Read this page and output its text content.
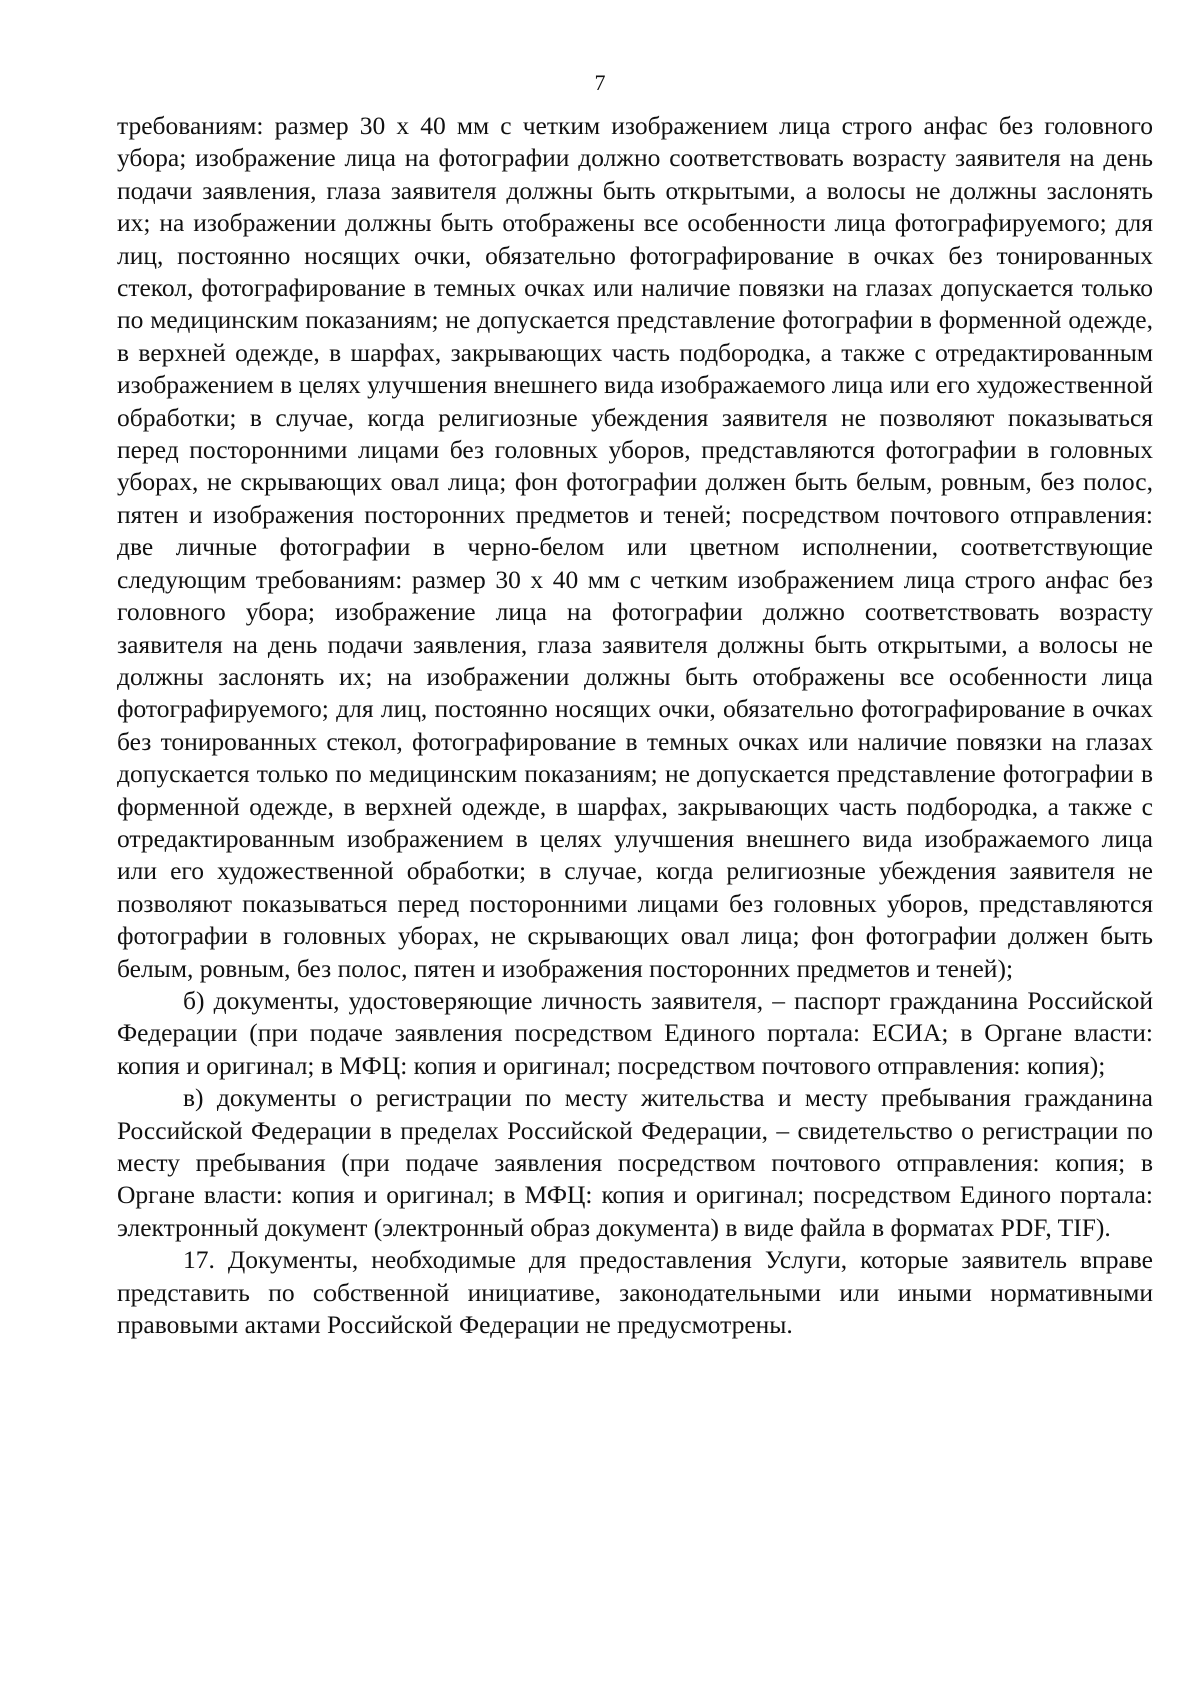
7

требованиям: размер 30 х 40 мм с четким изображением лица строго анфас без головного убора; изображение лица на фотографии должно соответствовать возрасту заявителя на день подачи заявления, глаза заявителя должны быть открытыми, а волосы не должны заслонять их; на изображении должны быть отображены все особенности лица фотографируемого; для лиц, постоянно носящих очки, обязательно фотографирование в очках без тонированных стекол, фотографирование в темных очках или наличие повязки на глазах допускается только по медицинским показаниям; не допускается представление фотографии в форменной одежде, в верхней одежде, в шарфах, закрывающих часть подбородка, а также с отредактированным изображением в целях улучшения внешнего вида изображаемого лица или его художественной обработки; в случае, когда религиозные убеждения заявителя не позволяют показываться перед посторонними лицами без головных уборов, представляются фотографии в головных уборах, не скрывающих овал лица; фон фотографии должен быть белым, ровным, без полос, пятен и изображения посторонних предметов и теней; посредством почтового отправления: две личные фотографии в черно-белом или цветном исполнении, соответствующие следующим требованиям: размер 30 х 40 мм с четким изображением лица строго анфас без головного убора; изображение лица на фотографии должно соответствовать возрасту заявителя на день подачи заявления, глаза заявителя должны быть открытыми, а волосы не должны заслонять их; на изображении должны быть отображены все особенности лица фотографируемого; для лиц, постоянно носящих очки, обязательно фотографирование в очках без тонированных стекол, фотографирование в темных очках или наличие повязки на глазах допускается только по медицинским показаниям; не допускается представление фотографии в форменной одежде, в верхней одежде, в шарфах, закрывающих часть подбородка, а также с отредактированным изображением в целях улучшения внешнего вида изображаемого лица или его художественной обработки; в случае, когда религиозные убеждения заявителя не позволяют показываться перед посторонними лицами без головных уборов, представляются фотографии в головных уборах, не скрывающих овал лица; фон фотографии должен быть белым, ровным, без полос, пятен и изображения посторонних предметов и теней);

б) документы, удостоверяющие личность заявителя, – паспорт гражданина Российской Федерации (при подаче заявления посредством Единого портала: ЕСИА; в Органе власти: копия и оригинал; в МФЦ: копия и оригинал; посредством почтового отправления: копия);

в) документы о регистрации по месту жительства и месту пребывания гражданина Российской Федерации в пределах Российской Федерации, – свидетельство о регистрации по месту пребывания (при подаче заявления посредством почтового отправления: копия; в Органе власти: копия и оригинал; в МФЦ: копия и оригинал; посредством Единого портала: электронный документ (электронный образ документа) в виде файла в форматах PDF, TIF).

17. Документы, необходимые для предоставления Услуги, которые заявитель вправе представить по собственной инициативе, законодательными или иными нормативными правовыми актами Российской Федерации не предусмотрены.
